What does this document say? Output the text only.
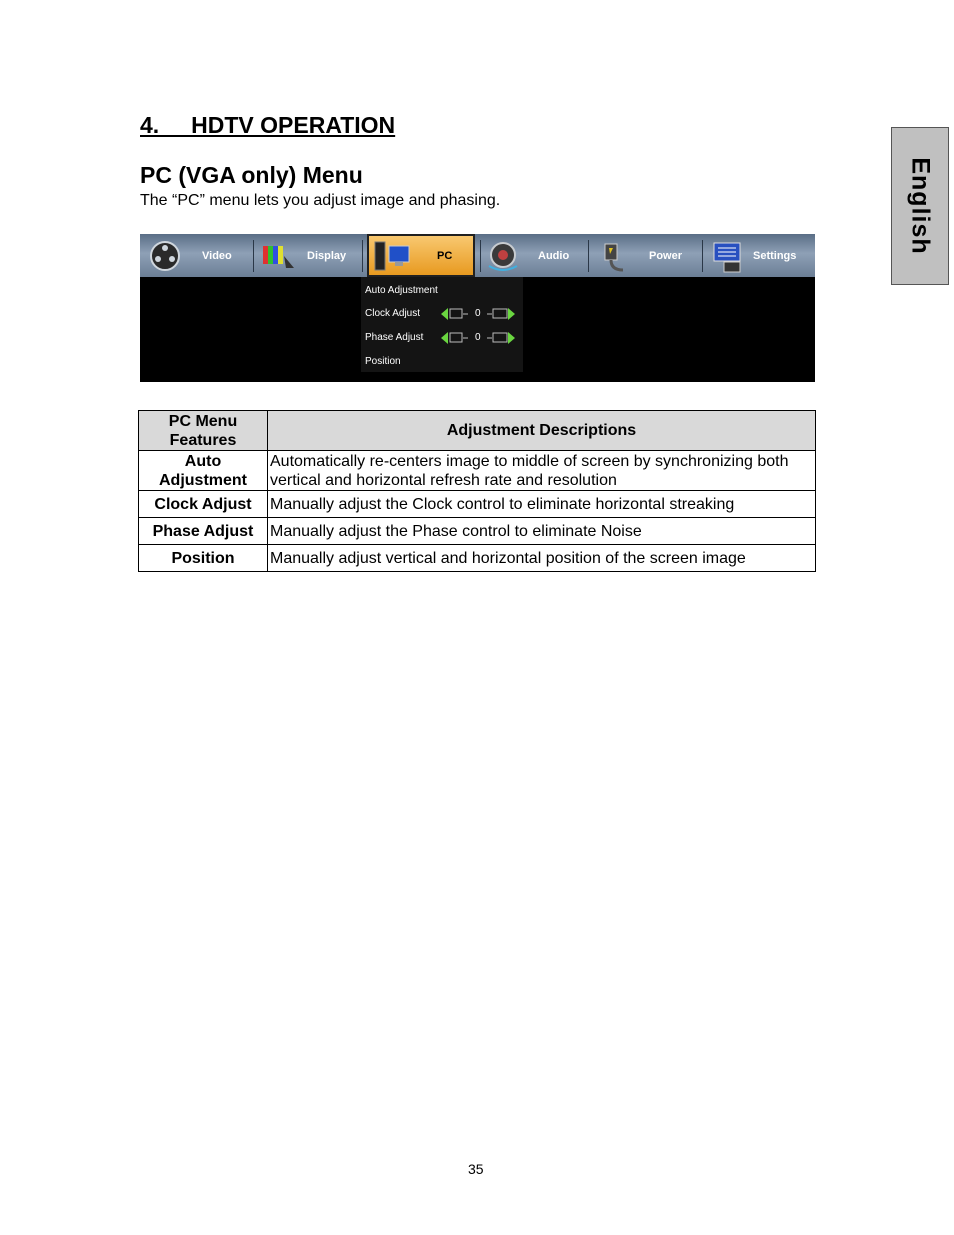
4.     HDTV OPERATION
PC (VGA only) Menu
The “PC” menu lets you adjust image and phasing.	English
Video	Display	PC	Audio	Power	Settings
Auto Adjustment
Clock Adjust
Phase Adjust
Position
0
0
PC Menu Features	Adjustment Descriptions
Auto Adjustment	Automatically re-centers image to middle of screen by synchronizing both vertical and horizontal refresh rate and resolution
Clock Adjust	Manually adjust the Clock control to eliminate horizontal streaking
Phase Adjust	Manually adjust the Phase control to eliminate Noise
Position	Manually adjust vertical and horizontal position of the screen image
35
